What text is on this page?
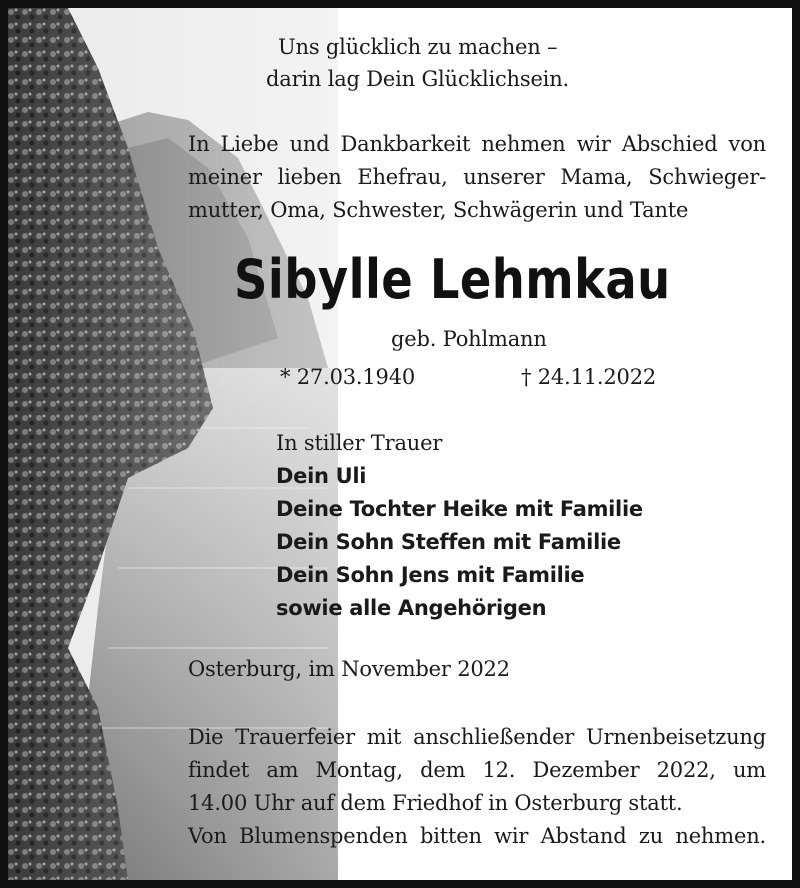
Uns glücklich zu machen –
darin lag Dein Glücklichsein.
In Liebe und Dankbarkeit nehmen wir Abschied von
meiner lieben Ehefrau, unserer Mama, Schwieger-
mutter, Oma, Schwester, Schwägerin und Tante
Sibylle Lehmkau
geb. Pohlmann
* 27.03.1940	† 24.11.2022
In stiller Trauer
Dein Uli
Deine Tochter Heike mit Familie
Dein Sohn Steffen mit Familie
Dein Sohn Jens mit Familie
sowie alle Angehörigen
Osterburg, im November 2022
Die Trauerfeier mit anschließender Urnenbeisetzung
findet am Montag, dem 12. Dezember 2022, um
14.00 Uhr auf dem Friedhof in Osterburg statt.
Von Blumenspenden bitten wir Abstand zu nehmen.
